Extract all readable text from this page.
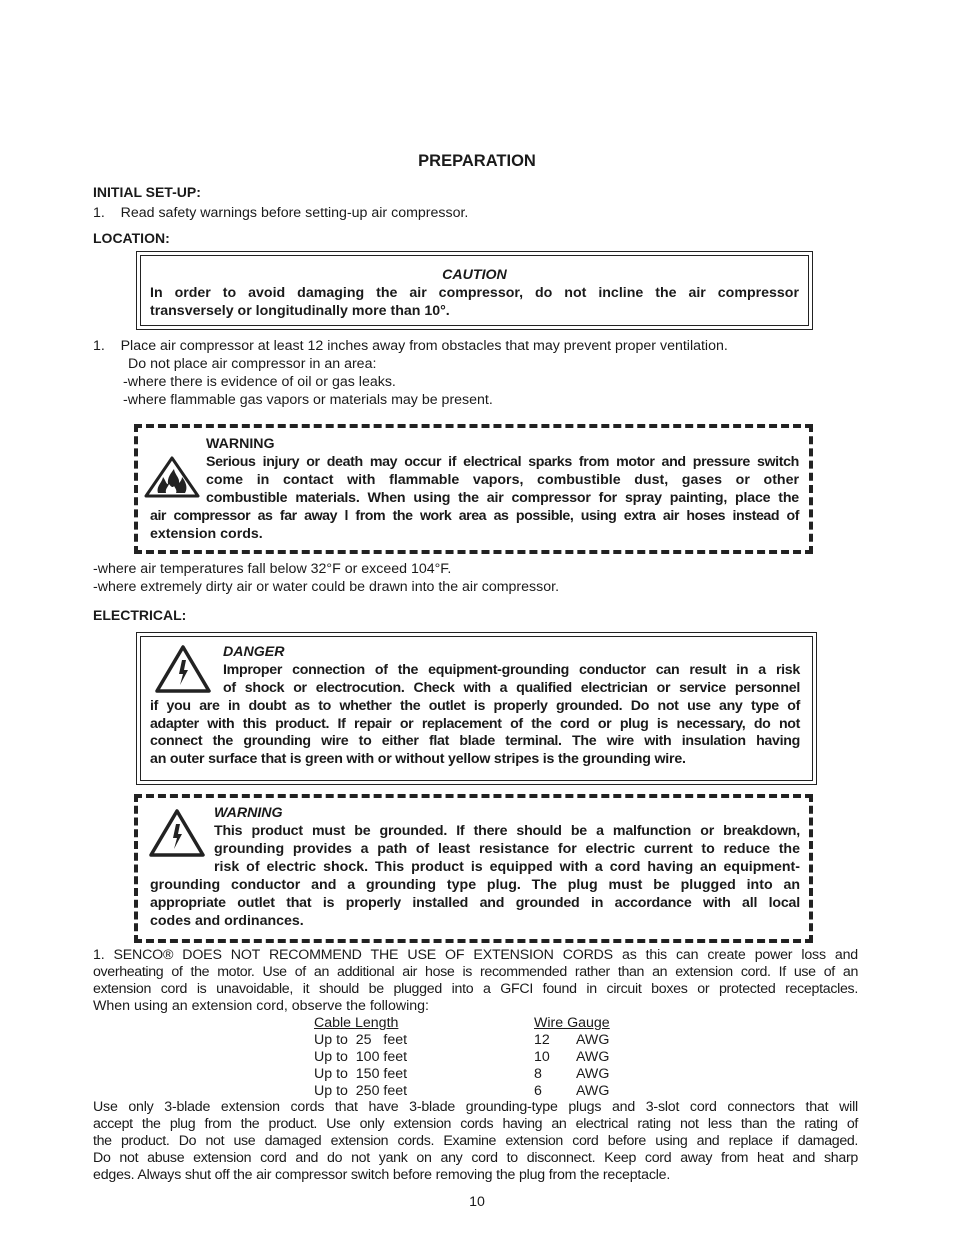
PREPARATION
INITIAL SET-UP:
1.    Read safety warnings before setting-up air compressor.
LOCATION:
CAUTION
In order to avoid damaging the air compressor, do not incline the air compressor
transversely or longitudinally more than 10°.
1.    Place air compressor at least 12 inches away from obstacles that may prevent proper ventilation.
Do not place air compressor in an area:
-where there is evidence of oil or gas leaks.
-where flammable gas vapors or materials may be present.
WARNING
Serious injury or death may occur if electrical sparks from motor and pressure switch
come in contact with flammable vapors, combustible dust, gases or other
combustible materials. When using the air compressor for spray painting, place the
air compressor as far away l from the work area as possible, using extra air hoses instead of
extension cords.
-where air temperatures fall below 32°F or exceed 104°F.
-where extremely dirty air or water could be drawn into the air compressor.
ELECTRICAL:
DANGER
Improper connection of the equipment-grounding conductor can result in a risk
of shock or electrocution. Check with a qualified electrician or service personnel
if you are in doubt as to whether the outlet is properly grounded. Do not use any type of
adapter with this product. If repair or replacement of the cord or plug is necessary, do not
connect the grounding wire to either flat blade terminal. The wire with insulation having
an outer surface that is green with or without yellow stripes is the grounding wire.
WARNING
This product must be grounded. If there should be a malfunction or breakdown,
grounding provides a path of least resistance for electric current to reduce the
risk of electric shock. This product is equipped with a cord having an equipment-
grounding conductor and a grounding type plug. The plug must be plugged into an
appropriate outlet that is properly installed and grounded in accordance with all local
codes and ordinances.
1. SENCO® DOES NOT RECOMMEND THE USE OF EXTENSION CORDS as this can create power loss and
overheating of the motor. Use of an additional air hose is recommended rather than an extension cord. If use of an
extension cord is unavoidable, it should be plugged into a GFCI found in circuit boxes or protected receptacles.
When using an extension cord, observe the following:
Cable Length	Wire Gauge
Up to  25   feet	12	AWG
Up to  100 feet	10	AWG
Up to  150 feet	8	AWG
Up to  250 feet	6	AWG
Use only 3-blade extension cords that have 3-blade grounding-type plugs and 3-slot cord connectors that will
accept the plug from the product. Use only extension cords having an electrical rating not less than the rating of
the product. Do not use damaged extension cords. Examine extension cord before using and replace if damaged.
Do not abuse extension cord and do not yank on any cord to disconnect. Keep cord away from heat and sharp
edges. Always shut off the air compressor switch before removing the plug from the receptacle.
10
